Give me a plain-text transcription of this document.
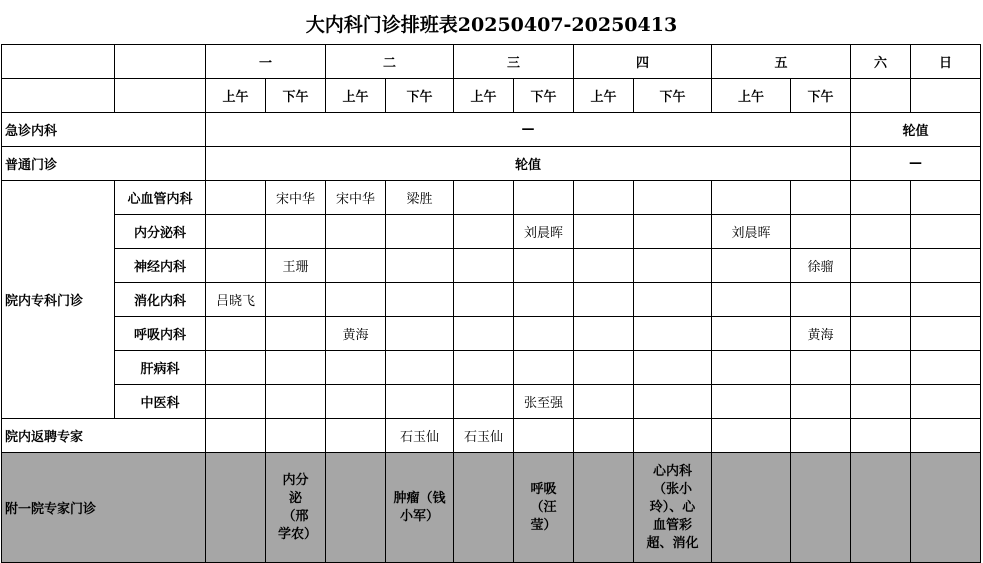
大内科门诊排班表20250407-20250413
		一		二		三		四		五		六	日
		上午	下午	上午	下午	上午	下午	上午	下午	上午	下午		
急诊内科		—										轮值	
普通门诊		轮值										—	
院内专科门诊	心血管内科		宋中华	宋中华	梁胜								
	内分泌科						刘晨晖			刘晨晖			
	神经内科		王珊								徐骝		
	消化内科	吕晓飞											
	呼吸内科			黄海							黄海		
	肝病科												
	中医科						张至强						
院内返聘专家					石玉仙	石玉仙							
附一院专家门诊			内分泌（邢学农）		肿瘤（钱小军）		呼吸（汪莹）		心内科（张小玲）、心血管彩超、消化				
